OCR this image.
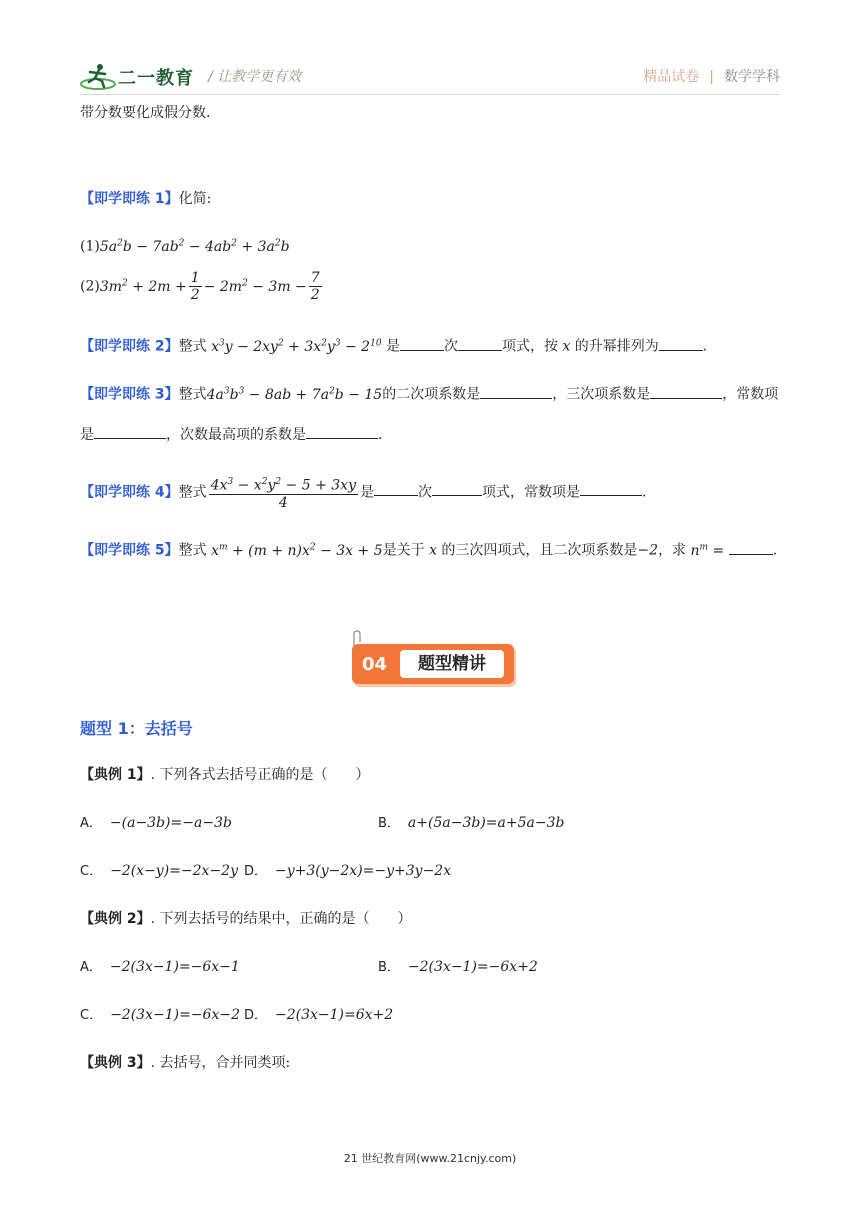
二一教育 / 让教学更有效	精品试卷 | 数学学科
带分数要化成假分数.
【即学即练 1】化简:
$(1)5a^2b - 7ab^2 - 4ab^2 + 3a^2b$
$(2)3m^2 + 2m + \frac{1}{2} - 2m^2 - 3m - \frac{7}{2}$
【即学即练 2】整式 $x^3y - 2xy^2 + 3x^2y^3 - 2^{10}$ 是	次	项式，按 x 的升幂排列为	.
【即学即练 3】整式$4a^3b^3 - 8ab + 7a^2b - 15$的二次项系数是	，三次项系数是	，常数项
是	，次数最高项的系数是	.
【即学即练 4】整式 $\frac{4x^3 - x^2y^2 - 5 + 3xy}{4}$ 是	次	项式，常数项是	.
【即学即练 5】整式 $x^m + (m + n)x^2 - 3x + 5$是关于 x 的三次四项式，且二次项系数是−2，求 $n^m$ =	.
04	题型精讲
题型 1：去括号
【典例 1】. 下列各式去括号正确的是（　　）
A． −(a−3b)=−a−3b	B． a+(5a−3b)=a+5a−3b
C． −2(x−y)=−2x−2y D． −y+3(y−2x)=−y+3y−2x
【典例 2】. 下列去括号的结果中，正确的是（　　）
A． −2(3x−1)=−6x−1	B． −2(3x−1)=−6x+2
C． −2(3x−1)=−6x−2 D． −2(3x−1)=6x+2
【典例 3】. 去括号，合并同类项:
21 世纪教育网(www.21cnjy.com)
